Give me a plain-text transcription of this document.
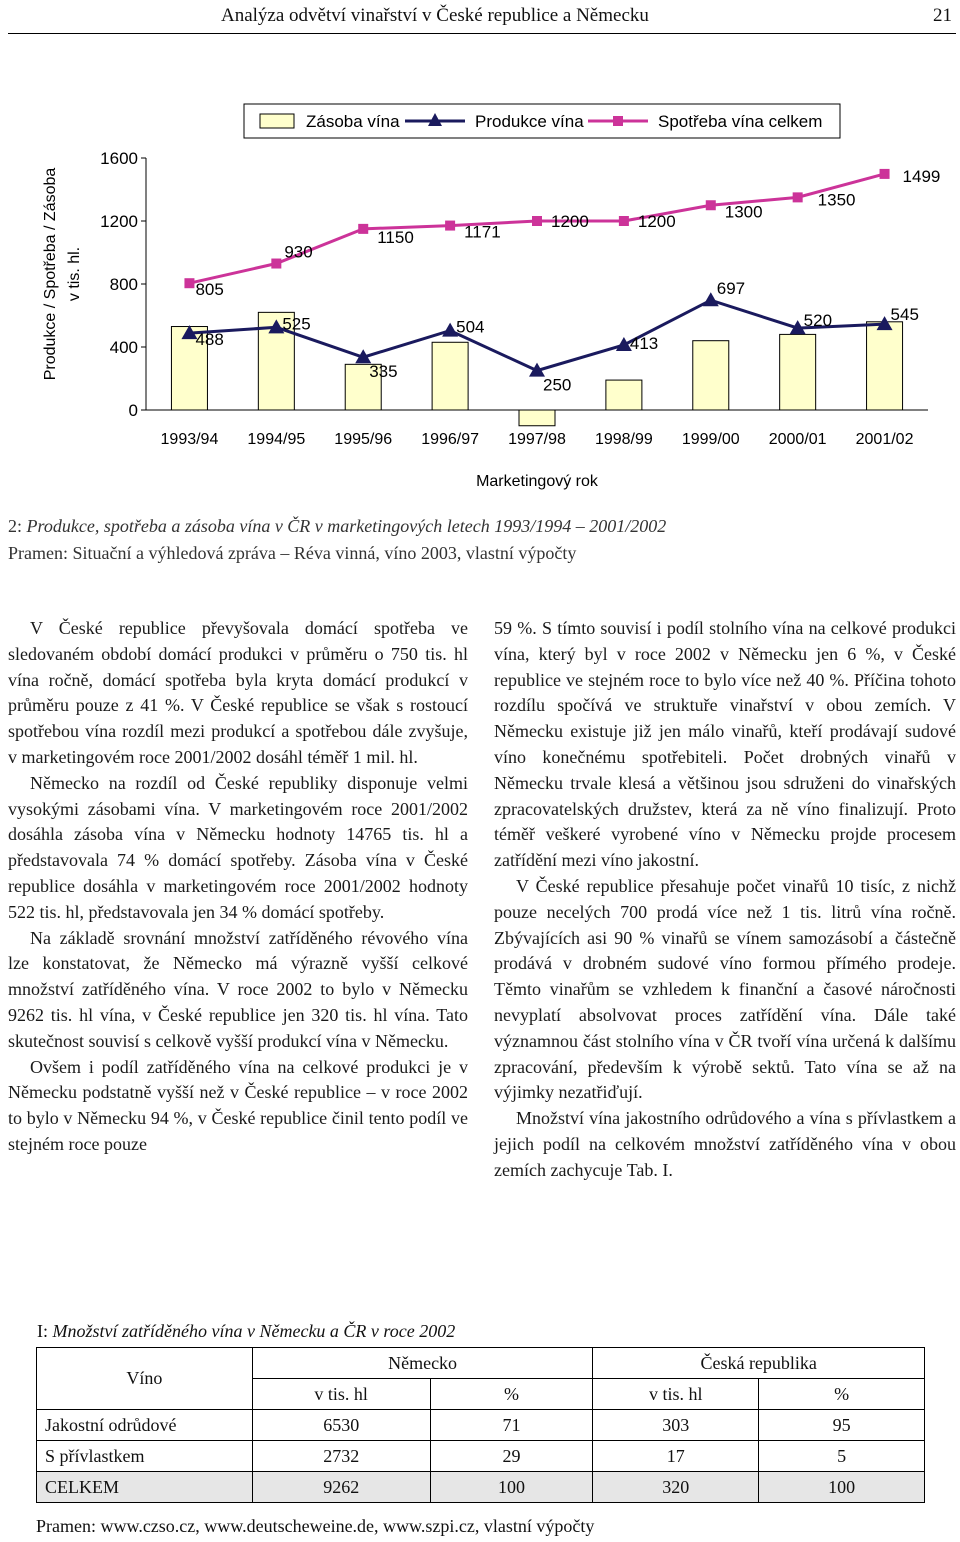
Analýza odvětví vinařství v České republice a Německu	21
Zásoba vína	Produkce vína	Spotřeba vína celkem
Produkce / Spotřeba / Zásoba v tis. hl.
0
400
800
1200
1600
1993/94 1994/95 1995/96 1996/97 1997/98 1998/99 1999/00 2000/01 2001/02
Marketingový rok
488
525
335
504
250
413
697
520	545
805
930
1150	1171
1200	1200
1300
1350
1499
2: Produkce, spotřeba a zásoba vína v ČR v marketingových letech 1993/1994 – 2001/2002
Pramen: Situační a výhledová zpráva – Réva vinná, víno 2003, vlastní výpočty

V České republice převyšovala domácí spotřeba ve sledovaném období domácí produkci v průměru o 750 tis. hl vína ročně, domácí spotřeba byla kryta domácí produkcí v průměru pouze z 41 %. V České republice se však s rostoucí spotřebou vína rozdíl mezi produkcí a spotřebou dále zvyšuje, v marketingovém roce 2001/2002 dosáhl téměř 1 mil. hl.

Německo na rozdíl od České republiky disponuje velmi vysokými zásobami vína. V marketingovém roce 2001/2002 dosáhla zásoba vína v Německu hodnoty 14765 tis. hl a představovala 74 % domácí spotřeby. Zásoba vína v České republice dosáhla v marketingovém roce 2001/2002 hodnoty 522 tis. hl, představovala jen 34 % domácí spotřeby.

Na základě srovnání množství zatříděného révového vína lze konstatovat, že Německo má výrazně vyšší celkové množství zatříděného vína. V roce 2002 to bylo v Německu 9262 tis. hl vína, v České republice jen 320 tis. hl vína. Tato skutečnost souvisí s celkově vyšší produkcí vína v Německu.

Ovšem i podíl zatříděného vína na celkové produkci je v Německu podstatně vyšší než v České republice – v roce 2002 to bylo v Německu 94 %, v České republice činil tento podíl ve stejném roce pouze

59 %. S tímto souvisí i podíl stolního vína na celkové produkci vína, který byl v roce 2002 v Německu jen 6 %, v České republice ve stejném roce to bylo více než 40 %. Příčina tohoto rozdílu spočívá ve struktuře vinařství v obou zemích. V Německu existuje již jen málo vinařů, kteří prodávají sudové víno konečnému spotřebiteli. Počet drobných vinařů v Německu trvale klesá a většinou jsou sdruženi do vinařských zpracovatelských družstev, která za ně víno finalizují. Proto téměř veškeré vyrobené víno v Německu projde procesem zatřídění mezi víno jakostní.

V České republice přesahuje počet vinařů 10 tisíc, z nichž pouze necelých 700 prodá více než 1 tis. litrů vína ročně. Zbývajících asi 90 % vinařů se vínem samozásobí a částečně prodává v drobném sudové víno formou přímého prodeje. Těmto vinařům se vzhledem k finanční a časové náročnosti nevyplatí absolvovat proces zatřídění vína. Dále také významnou část stolního vína v ČR tvoří vína určená k dalšímu zpracování, především k výrobě sektů. Tato vína se až na výjimky nezatřiďují.

Množství vína jakostního odrůdového a vína s přívlastkem a jejich podíl na celkovém množství zatříděného vína v obou zemích zachycuje Tab. I.

I: Množství zatříděného vína v Německu a ČR v roce 2002
Víno	Německo		Česká republika	
	v tis. hl	%	v tis. hl	%
Jakostní odrůdové	6530	71	303	95
S přívlastkem	2732	29	17	5
CELKEM	9262	100	320	100
Pramen: www.czso.cz, www.deutscheweine.de, www.szpi.cz, vlastní výpočty
